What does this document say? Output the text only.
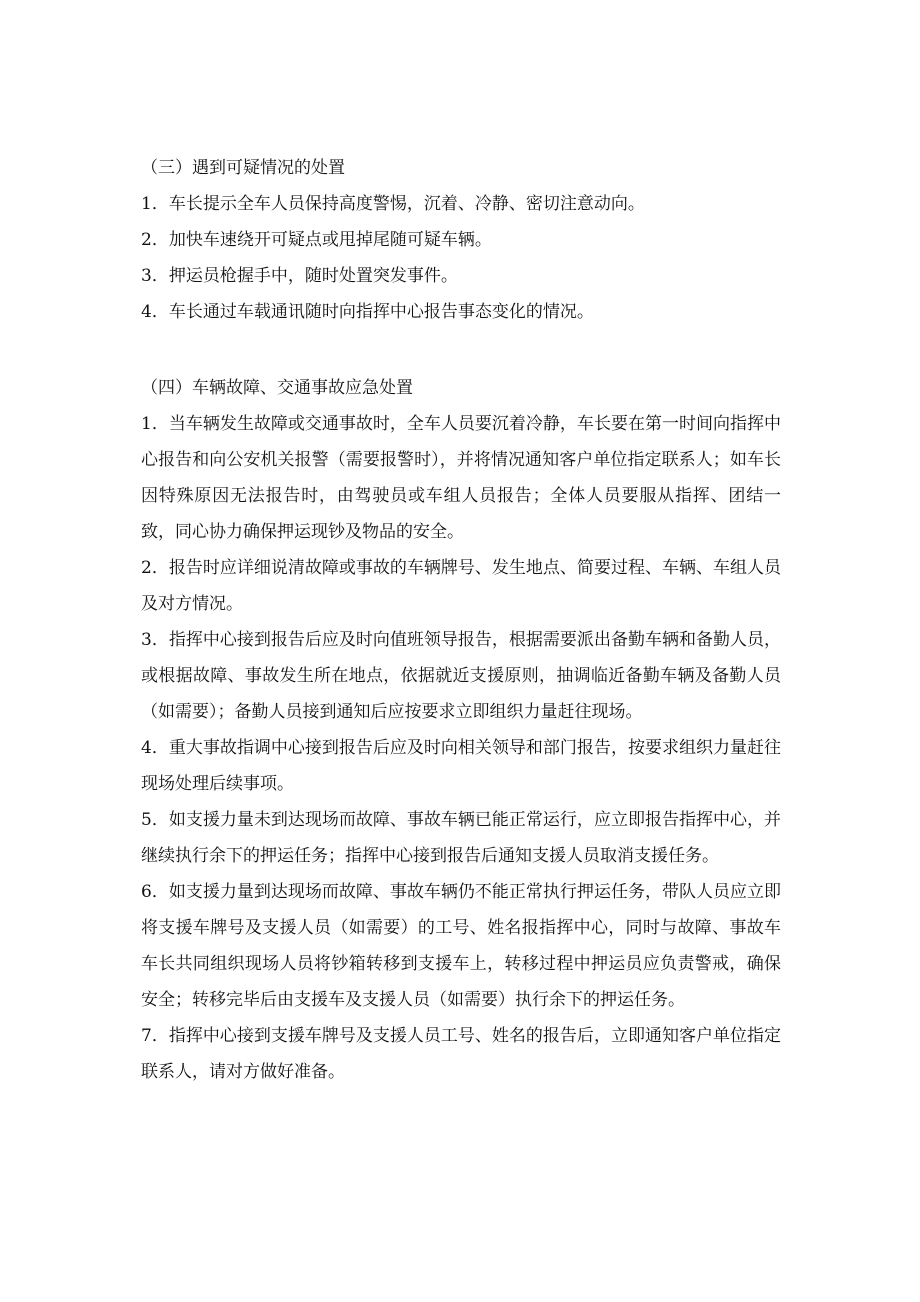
（三）遇到可疑情况的处置

1．车长提示全车人员保持高度警惕，沉着、冷静、密切注意动向。

2．加快车速绕开可疑点或甩掉尾随可疑车辆。

3．押运员枪握手中，随时处置突发事件。

4．车长通过车载通讯随时向指挥中心报告事态变化的情况。

（四）车辆故障、交通事故应急处置

1．当车辆发生故障或交通事故时，全车人员要沉着冷静，车长要在第一时间向指挥中心报告和向公安机关报警（需要报警时），并将情况通知客户单位指定联系人；如车长因特殊原因无法报告时，由驾驶员或车组人员报告；全体人员要服从指挥、团结一致，同心协力确保押运现钞及物品的安全。

2．报告时应详细说清故障或事故的车辆牌号、发生地点、简要过程、车辆、车组人员及对方情况。

3．指挥中心接到报告后应及时向值班领导报告，根据需要派出备勤车辆和备勤人员，或根据故障、事故发生所在地点，依据就近支援原则，抽调临近备勤车辆及备勤人员（如需要）；备勤人员接到通知后应按要求立即组织力量赶往现场。

4．重大事故指调中心接到报告后应及时向相关领导和部门报告，按要求组织力量赶往现场处理后续事项。

5．如支援力量未到达现场而故障、事故车辆已能正常运行，应立即报告指挥中心，并继续执行余下的押运任务；指挥中心接到报告后通知支援人员取消支援任务。

6．如支援力量到达现场而故障、事故车辆仍不能正常执行押运任务，带队人员应立即将支援车牌号及支援人员（如需要）的工号、姓名报指挥中心，同时与故障、事故车车长共同组织现场人员将钞箱转移到支援车上，转移过程中押运员应负责警戒，确保安全；转移完毕后由支援车及支援人员（如需要）执行余下的押运任务。

7．指挥中心接到支援车牌号及支援人员工号、姓名的报告后，立即通知客户单位指定联系人，请对方做好准备。
